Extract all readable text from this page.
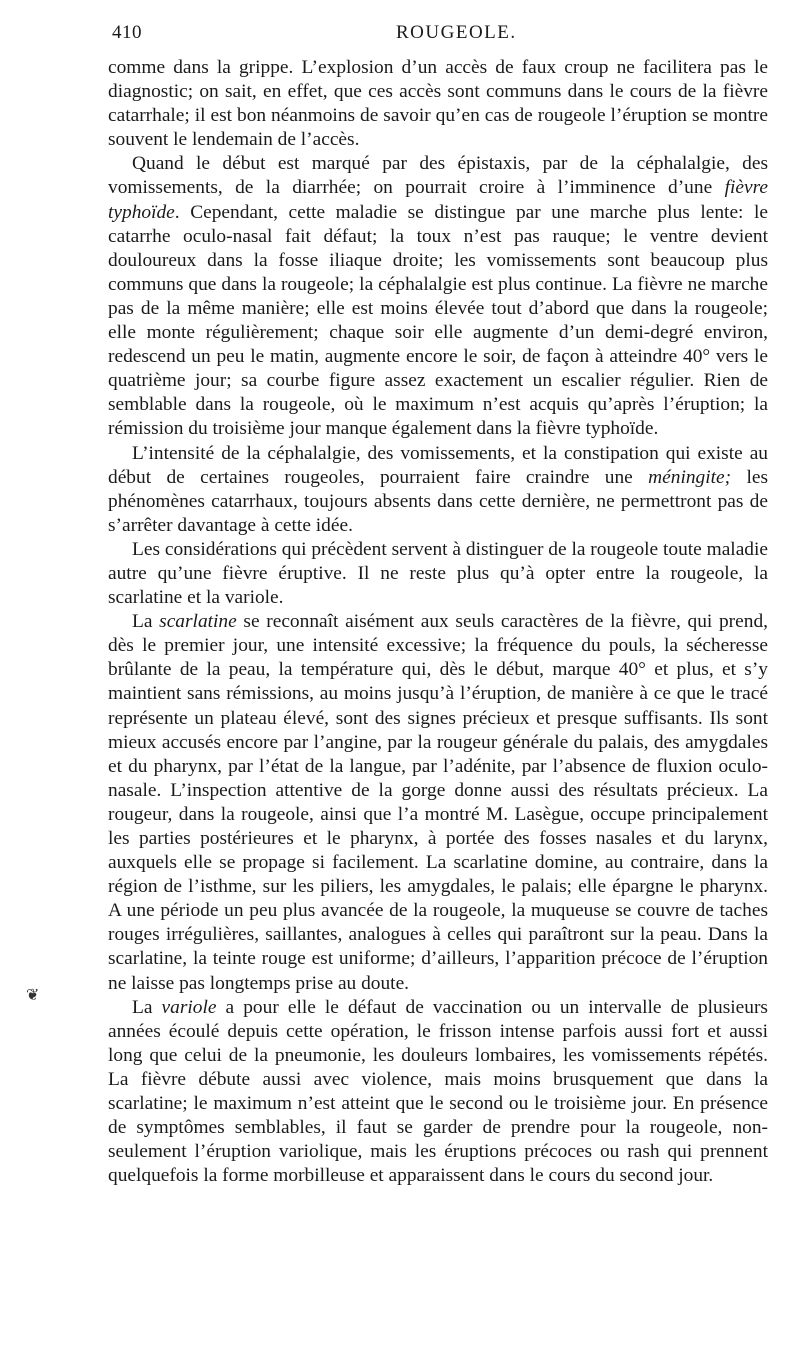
410	ROUGEOLE.

comme dans la grippe. L’explosion d’un accès de faux croup ne facilitera pas le diagnostic; on sait, en effet, que ces accès sont communs dans le cours de la fièvre catarrhale; il est bon néanmoins de savoir qu’en cas de rougeole l’éruption se montre souvent le lendemain de l’accès.

Quand le début est marqué par des épistaxis, par de la céphalalgie, des vomissements, de la diarrhée; on pourrait croire à l’imminence d’une fièvre typhoïde. Cependant, cette maladie se distingue par une marche plus lente: le catarrhe oculo-nasal fait défaut; la toux n’est pas rauque; le ventre devient douloureux dans la fosse iliaque droite; les vomissements sont beaucoup plus communs que dans la rougeole; la céphalalgie est plus continue. La fièvre ne marche pas de la même manière; elle est moins élevée tout d’abord que dans la rougeole; elle monte régulièrement; chaque soir elle augmente d’un demi-degré environ, redescend un peu le matin, augmente encore le soir, de façon à atteindre 40° vers le quatrième jour; sa courbe figure assez exactement un escalier régulier. Rien de semblable dans la rougeole, où le maximum n’est acquis qu’après l’éruption; la rémission du troisième jour manque également dans la fièvre typhoïde.

L’intensité de la céphalalgie, des vomissements, et la constipation qui existe au début de certaines rougeoles, pourraient faire craindre une méningite; les phénomènes catarrhaux, toujours absents dans cette dernière, ne permettront pas de s’arrêter davantage à cette idée.

Les considérations qui précèdent servent à distinguer de la rougeole toute maladie autre qu’une fièvre éruptive. Il ne reste plus qu’à opter entre la rougeole, la scarlatine et la variole.

La scarlatine se reconnaît aisément aux seuls caractères de la fièvre, qui prend, dès le premier jour, une intensité excessive; la fréquence du pouls, la sécheresse brûlante de la peau, la température qui, dès le début, marque 40° et plus, et s’y maintient sans rémissions, au moins jusqu’à l’éruption, de manière à ce que le tracé représente un plateau élevé, sont des signes précieux et presque suffisants. Ils sont mieux accusés encore par l’angine, par la rougeur générale du palais, des amygdales et du pharynx, par l’état de la langue, par l’adénite, par l’absence de fluxion oculo-nasale. L’inspection attentive de la gorge donne aussi des résultats précieux. La rougeur, dans la rougeole, ainsi que l’a montré M. Lasègue, occupe principalement les parties postérieures et le pharynx, à portée des fosses nasales et du larynx, auxquels elle se propage si facilement. La scarlatine domine, au contraire, dans la région de l’isthme, sur les piliers, les amygdales, le palais; elle épargne le pharynx. A une période un peu plus avancée de la rougeole, la muqueuse se couvre de taches rouges irrégulières, saillantes, analogues à celles qui paraîtront sur la peau. Dans la scarlatine, la teinte rouge est uniforme; d’ailleurs, l’apparition précoce de l’éruption ne laisse pas longtemps prise au doute.

La variole a pour elle le défaut de vaccination ou un intervalle de plusieurs années écoulé depuis cette opération, le frisson intense parfois aussi fort et aussi long que celui de la pneumonie, les douleurs lombaires, les vomissements répétés. La fièvre débute aussi avec violence, mais moins brusquement que dans la scarlatine; le maximum n’est atteint que le second ou le troisième jour. En présence de symptômes semblables, il faut se garder de prendre pour la rougeole, non-seulement l’éruption variolique, mais les éruptions précoces ou rash qui prennent quelquefois la forme morbilleuse et apparaissent dans le cours du second jour.

❦
